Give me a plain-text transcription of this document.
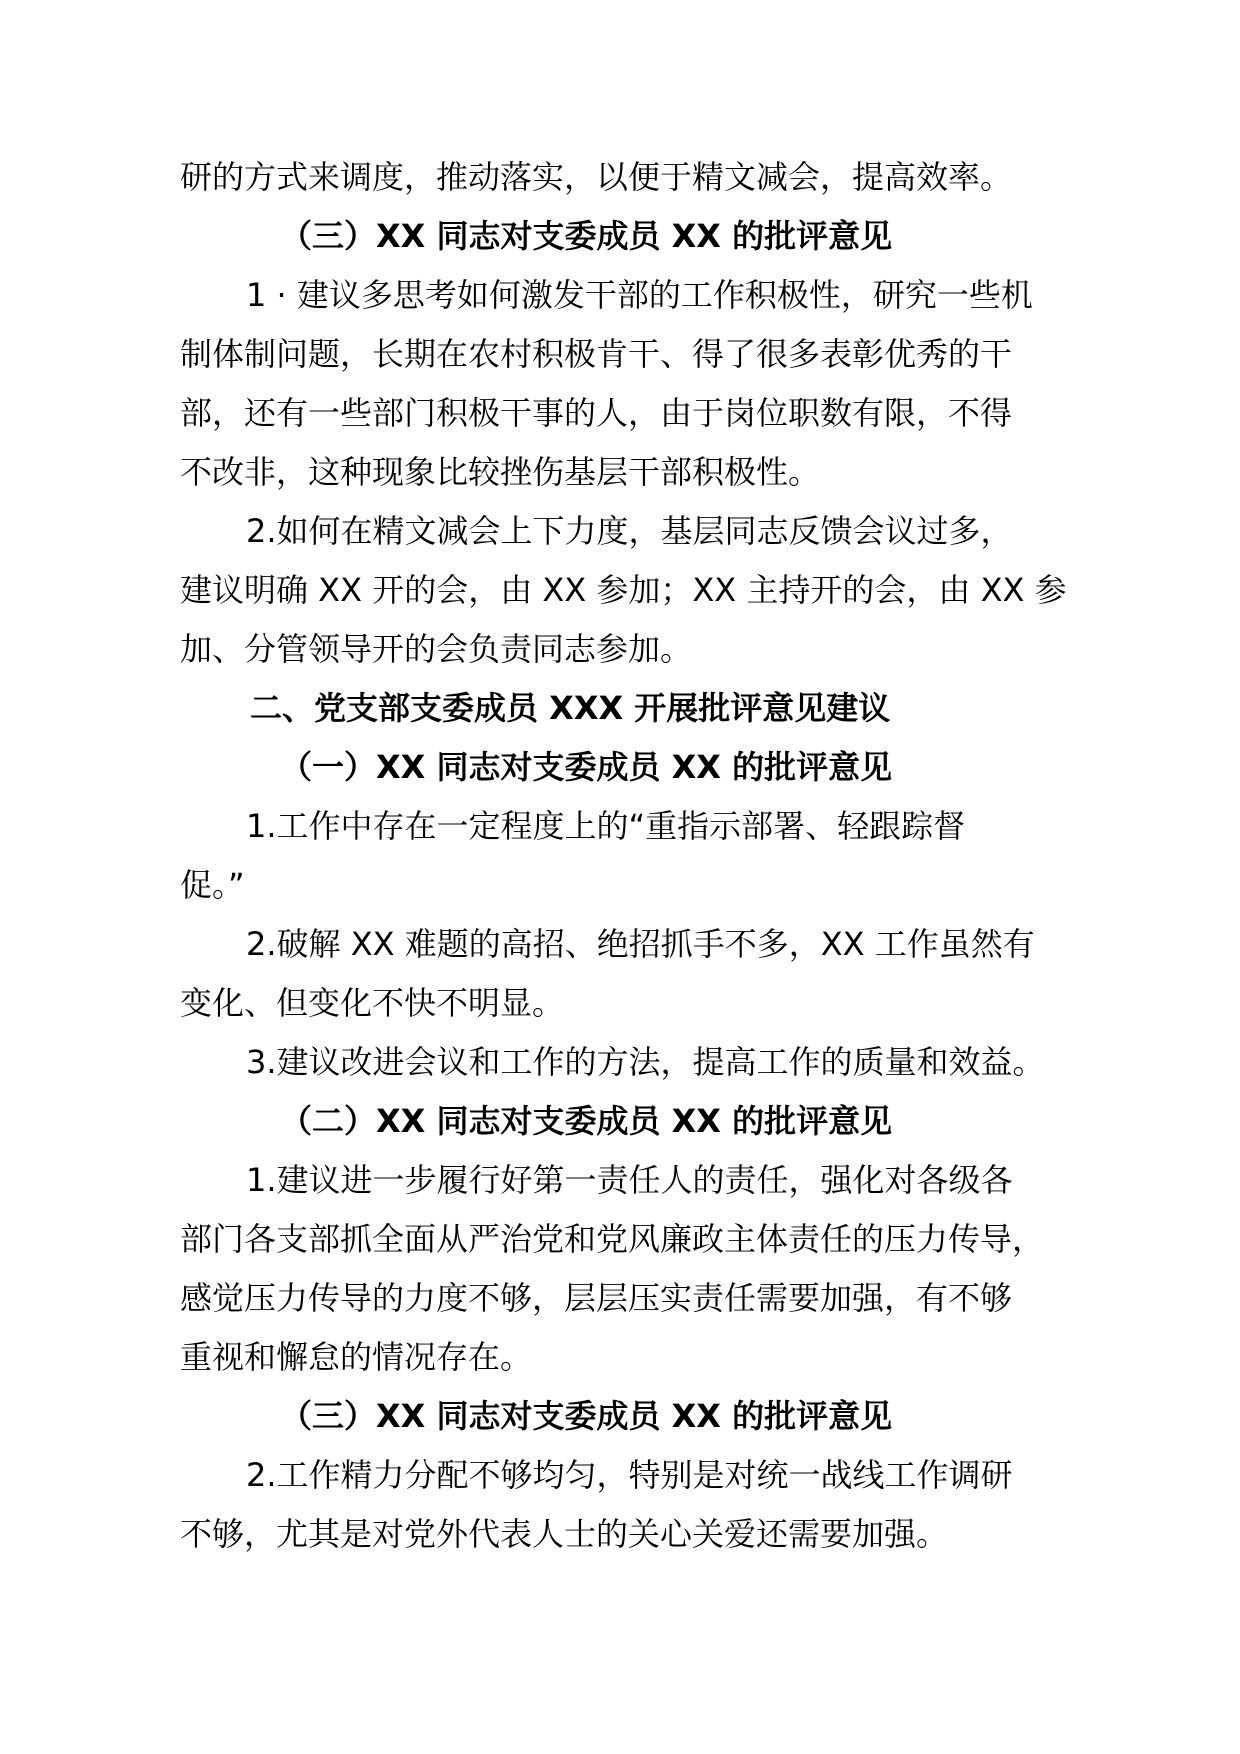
研的方式来调度，推动落实，以便于精文减会，提高效率。
（三）XX 同志对支委成员 XX 的批评意见
1 · 建议多思考如何激发干部的工作积极性，研究一些机
制体制问题，长期在农村积极肯干、得了很多表彰优秀的干
部，还有一些部门积极干事的人，由于岗位职数有限，不得
不改非，这种现象比较挫伤基层干部积极性。
2.如何在精文减会上下力度，基层同志反馈会议过多，
建议明确 XX 开的会，由 XX 参加；XX 主持开的会，由 XX 参
加、分管领导开的会负责同志参加。
二、党支部支委成员 XXX 开展批评意见建议
（一）XX 同志对支委成员 XX 的批评意见
1.工作中存在一定程度上的“重指示部署、轻跟踪督
促。”
2.破解 XX 难题的高招、绝招抓手不多，XX 工作虽然有
变化、但变化不快不明显。
3.建议改进会议和工作的方法，提高工作的质量和效益。
（二）XX 同志对支委成员 XX 的批评意见
1.建议进一步履行好第一责任人的责任，强化对各级各
部门各支部抓全面从严治党和党风廉政主体责任的压力传导，
感觉压力传导的力度不够，层层压实责任需要加强，有不够
重视和懈怠的情况存在。
（三）XX 同志对支委成员 XX 的批评意见
2.工作精力分配不够均匀，特别是对统一战线工作调研
不够，尤其是对党外代表人士的关心关爱还需要加强。
